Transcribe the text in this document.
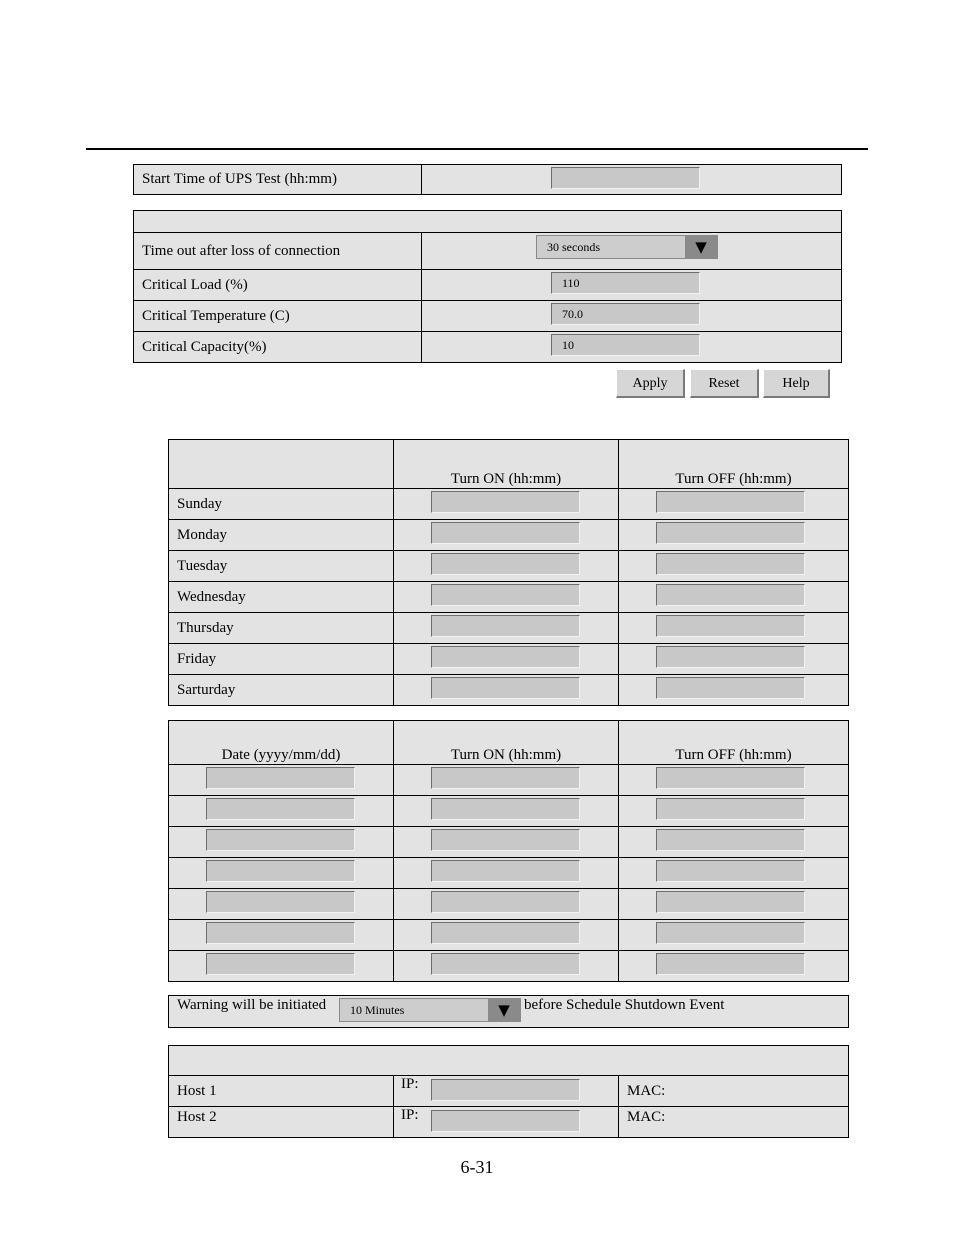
Start Time of UPS Test (hh:mm)	

Time out after loss of connection	30 seconds ▼

Critical Load (%)	110

Critical Temperature (C)	70.0

Critical Capacity(%)	10
Apply	Reset	Help
	Turn ON (hh:mm)	Turn OFF (hh:mm)
Sunday	

Monday	

Tuesday	

Wednesday	

Thursday	

Friday	

Sarturday	

Date (yyyy/mm/dd)	Turn ON (hh:mm)	Turn OFF (hh:mm)

Warning will be initiated	10 Minutes	▼ before Schedule Shutdown Event

Host 1	IP:	MAC:
Host 2	IP:	MAC:
6-31
